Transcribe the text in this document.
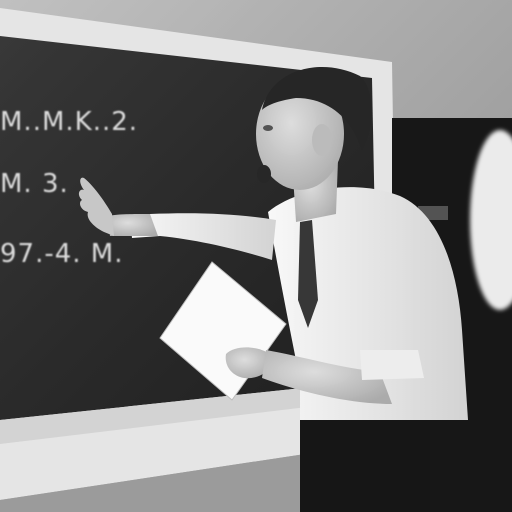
M..M.K..2.
M. 3.
97.-4. M.
